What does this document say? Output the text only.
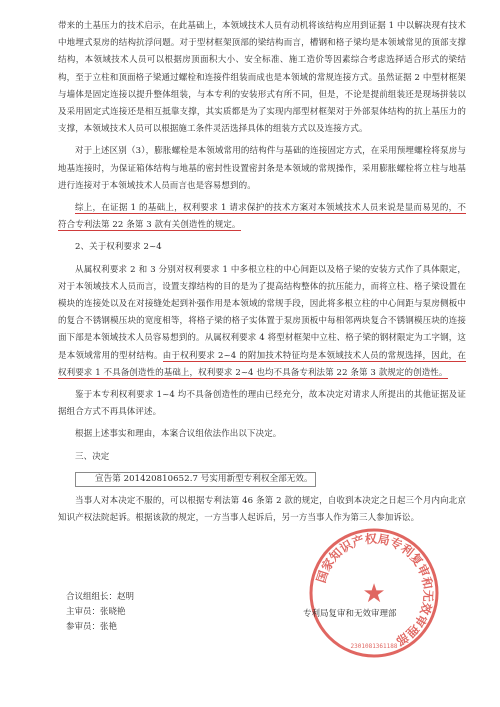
带来的土基压力的技术启示，在此基础上，本领域技术人员有动机将该结构应用到证据 1 中以解决现有技术中地埋式泵房的结构抗浮问题。对于型材框架顶部的梁结构而言，槽钢和格子梁均是本领域常见的顶部支撑结构，本领域技术人员可以根据房顶面积大小、安全标准、施工造价等因素综合考虑选择适合形式的梁结构，至于立柱和顶面格子梁通过螺栓和连接件组装而成也是本领域的常规连接方式。虽然证据 2 中型材框架与墙体是固定连接以提升整体组装，与本专利的安装形式有所不同，但是，不论是提前组装还是现场拼装以及采用固定式连接还是相互抵靠支撑，其实质都是为了实现内部型材框架对于外部泵体结构的抗上基压力的支撑，本领域技术人员可以根据施工条件灵活选择具体的组装方式以及连接方式。

对于上述区别（3），膨胀螺栓是本领域常用的结构件与基础的连接固定方式，在采用预埋螺栓将泵房与地基连接时，为保证箱体结构与地基的密封性设置密封条是本领域的常规操作，采用膨胀螺栓将立柱与地基进行连接对于本领域技术人员而言也是容易想到的。

综上，在证据 1 的基础上，权利要求 1 请求保护的技术方案对本领域技术人员来说是显而易见的，不符合专利法第 22 条第 3 款有关创造性的规定。

2、关于权利要求 2~4

从属权利要求 2 和 3 分别对权利要求 1 中多根立柱的中心间距以及格子梁的安装方式作了具体限定，对于本领域技术人员而言，设置支撑结构的目的是为了提高结构整体的抗压能力，而将立柱、格子梁设置在模块的连接处以及在对接缝处起到补强作用是本领域的常规手段，因此将多根立柱的中心间距与泵房侧板中的复合不锈钢模压块的宽度相等，将格子梁的格子实体置于泵房顶板中每相邻两块复合不锈钢模压块的连接面下部是本领域技术人员容易想到的。从属权利要求 4 将型材框架中立柱、格子梁的钢材限定为工字钢，这是本领域常用的型材结构。由于权利要求 2~4 的附加技术特征均是本领域技术人员的常规选择，因此，在权利要求 1 不具备创造性的基础上，权利要求 2~4 也均不具备专利法第 22 条第 3 款规定的创造性。

鉴于本专利权利要求 1~4 均不具备创造性的理由已经充分，故本决定对请求人所提出的其他证据及证据组合方式不再具体评述。

根据上述事实和理由，本案合议组依法作出以下决定。

三、决定

宣告第 201420810652.7 号实用新型专利权全部无效。

当事人对本决定不服的，可以根据专利法第 46 条第 2 款的规定，自收到本决定之日起三个月内向北京知识产权法院起诉。根据该款的规定，一方当事人起诉后，另一方当事人作为第三人参加诉讼。

国家知识产权局专利复审和无效审理部
★
2301081361188

合议组组长：赵明

主审员：张晓艳

参审员：张艳

专利局复审和无效审理部
